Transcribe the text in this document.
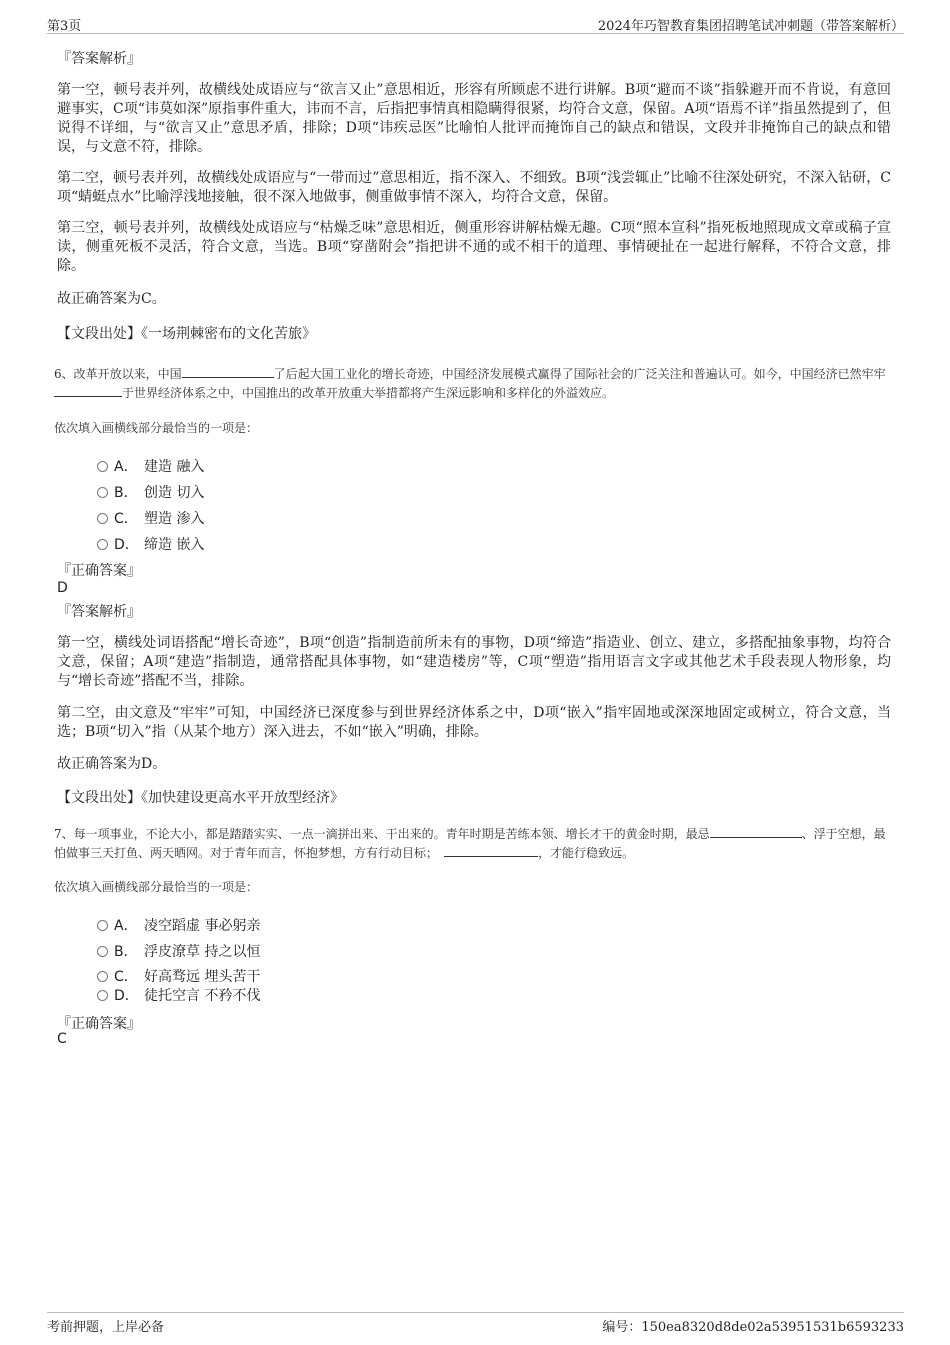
第3页	2024年巧智教育集团招聘笔试冲刺题（带答案解析）
『答案解析』
第一空，顿号表并列，故横线处成语应与“欲言又止”意思相近，形容有所顾虑不进行讲解。B项“避而不谈”指躲避开而不肯说，有意回避事实，C项“讳莫如深”原指事件重大，讳而不言，后指把事情真相隐瞒得很紧，均符合文意，保留。A项“语焉不详”指虽然提到了，但说得不详细，与“欲言又止”意思矛盾，排除；D项“讳疾忌医”比喻怕人批评而掩饰自己的缺点和错误，文段并非掩饰自己的缺点和错误，与文意不符，排除。
第二空，顿号表并列，故横线处成语应与“一带而过”意思相近，指不深入、不细致。B项“浅尝辄止”比喻不往深处研究，不深入钻研，C项“蜻蜓点水”比喻浮浅地接触，很不深入地做事，侧重做事情不深入，均符合文意，保留。
第三空，顿号表并列，故横线处成语应与“枯燥乏味”意思相近，侧重形容讲解枯燥无趣。C项“照本宣科”指死板地照现成文章或稿子宣读，侧重死板不灵活，符合文意，当选。B项“穿凿附会”指把讲不通的或不相干的道理、事情硬扯在一起进行解释，不符合文意，排除。
故正确答案为C。
【文段出处】《一场荆棘密布的文化苦旅》
6、改革开放以来，中国	了后起大国工业化的增长奇迹，中国经济发展模式赢得了国际社会的广泛关注和普遍认可。如今，中国经济已然牢牢于世界经济体系之中，中国推出的改革开放重大举措都将产生深远影响和多样化的外溢效应。
依次填入画横线部分最恰当的一项是：
A． 建造 融入
B． 创造 切入
C． 塑造 渗入
D． 缔造 嵌入
『正确答案』
D
『答案解析』
第一空，横线处词语搭配“增长奇迹”，B项“创造”指制造前所未有的事物，D项“缔造”指造业、创立、建立，多搭配抽象事物，均符合文意，保留；A项“建造”指制造，通常搭配具体事物，如“建造楼房”等，C项“塑造”指用语言文字或其他艺术手段表现人物形象，均与“增长奇迹”搭配不当，排除。
第二空，由文意及“牢牢”可知，中国经济已深度参与到世界经济体系之中，D项“嵌入”指牢固地或深深地固定或树立，符合文意，当选；B项“切入”指（从某个地方）深入进去，不如“嵌入”明确，排除。
故正确答案为D。
【文段出处】《加快建设更高水平开放型经济》
7、每一项事业，不论大小，都是踏踏实实、一点一滴拼出来、干出来的。青年时期是苦练本领、增长才干的黄金时期，最忌	、浮于空想，最怕做事三天打鱼、两天晒网。对于青年而言，怀抱梦想，方有行动目标；	，才能行稳致远。
依次填入画横线部分最恰当的一项是：
A． 凌空蹈虚 事必躬亲
B． 浮皮潦草 持之以恒
C． 好高骛远 埋头苦干
D． 徒托空言 不矜不伐
『正确答案』
C
考前押题，上岸必备	编号：150ea8320d8de02a53951531b6593233
